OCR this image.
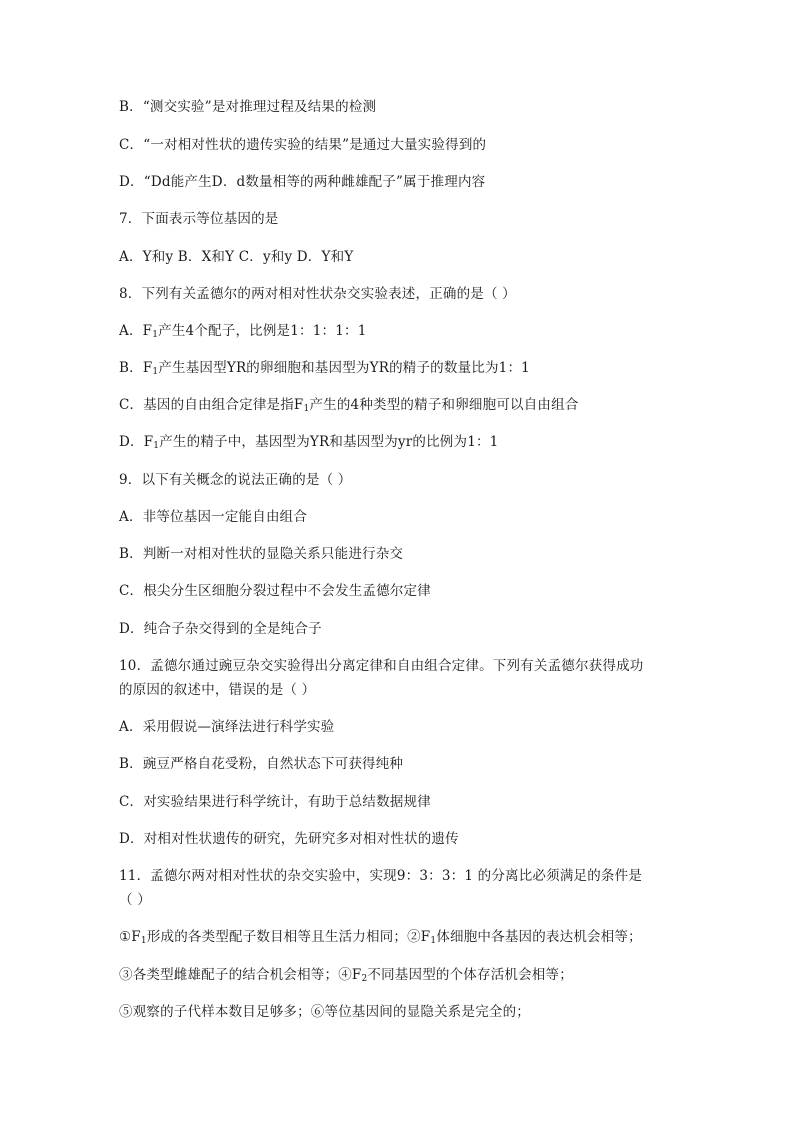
B．“测交实验”是对推理过程及结果的检测
C．“一对相对性状的遗传实验的结果”是通过大量实验得到的
D．“Dd能产生D．d数量相等的两种雌雄配子”属于推理内容
7．下面表示等位基因的是
A．Y和y B．X和Y C．y和y D．Y和Y
8．下列有关孟德尔的两对相对性状杂交实验表述，正确的是（ ）
A．$F_1$产生4个配子，比例是1：1：1：1
B．$F_1$产生基因型YR的卵细胞和基因型为YR的精子的数量比为1：1
C．基因的自由组合定律是指$F_1$产生的4种类型的精子和卵细胞可以自由组合
D．$F_1$产生的精子中，基因型为YR和基因型为yr的比例为1：1
9．以下有关概念的说法正确的是（ ）
A．非等位基因一定能自由组合
B．判断一对相对性状的显隐关系只能进行杂交
C．根尖分生区细胞分裂过程中不会发生孟德尔定律
D．纯合子杂交得到的全是纯合子
10．孟德尔通过豌豆杂交实验得出分离定律和自由组合定律。下列有关孟德尔获得成功
的原因的叙述中，错误的是（ ）
A．采用假说—演绎法进行科学实验
B．豌豆严格自花受粉，自然状态下可获得纯种
C．对实验结果进行科学统计，有助于总结数据规律
D．对相对性状遗传的研究，先研究多对相对性状的遗传
11．孟德尔两对相对性状的杂交实验中，实现9：3：3：1 的分离比必须满足的条件是
（ ）
$①F_1$形成的各类型配子数目相等且生活力相同；$②F_1$体细胞中各基因的表达机会相等；
③各类型雌雄配子的结合机会相等；$④F_2$不同基因型的个体存活机会相等；
⑤观察的子代样本数目足够多；⑥等位基因间的显隐关系是完全的；
